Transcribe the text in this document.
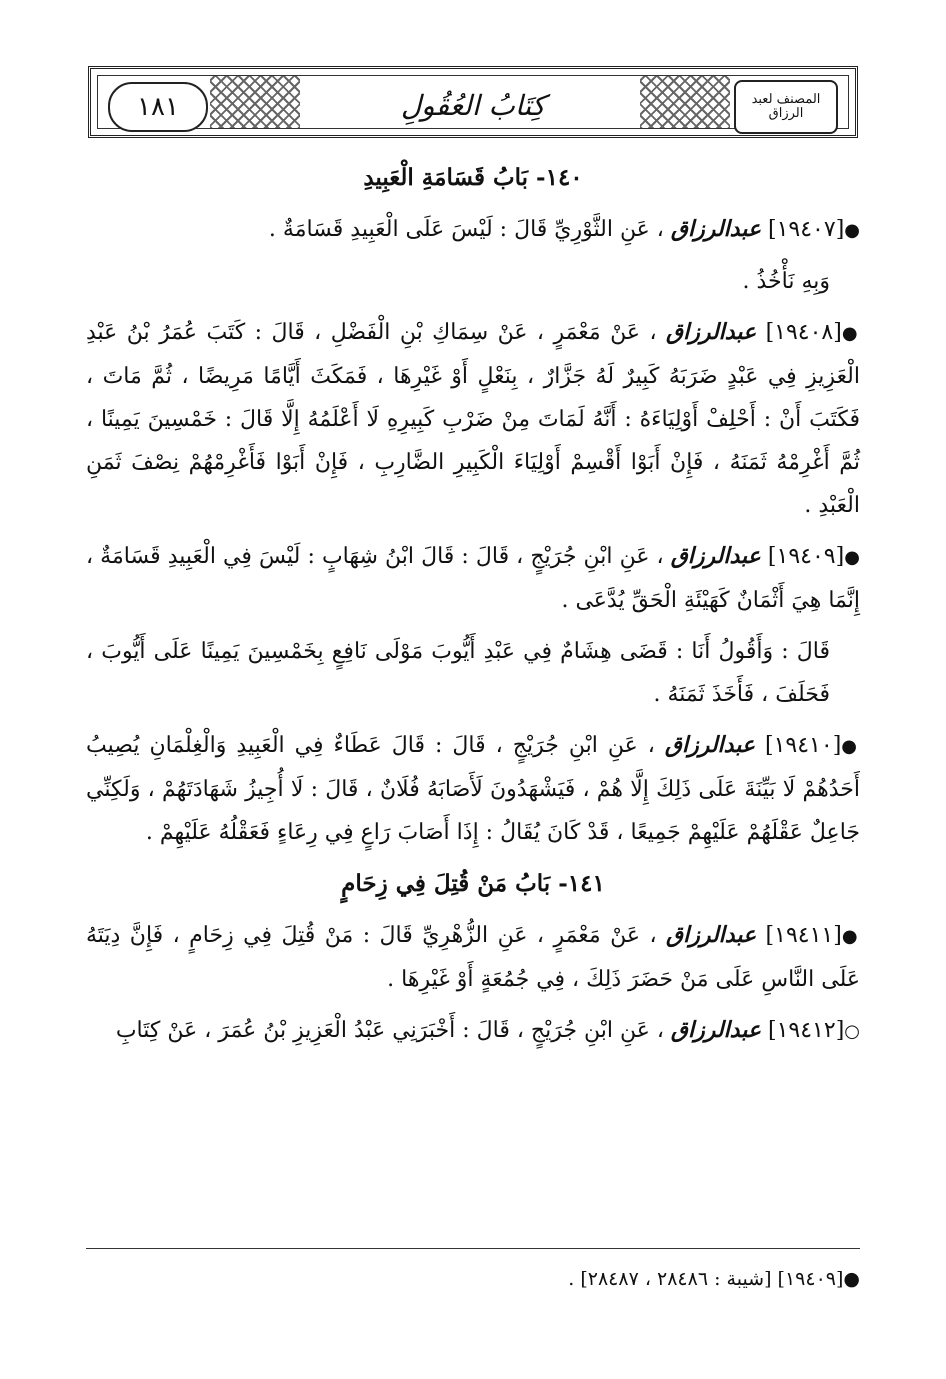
١٨١	كِتَابُ العُقُولِ	المصنف لعبد الرزاق
١٤٠- بَابُ قَسَامَةِ الْعَبِيدِ

●[١٩٤٠٧] عبدالرزاق ، عَنِ الثَّوْرِيِّ قَالَ : لَيْسَ عَلَى الْعَبِيدِ قَسَامَةٌ .

وَبِهِ نَأْخُذُ .

●[١٩٤٠٨] عبدالرزاق ، عَنْ مَعْمَرٍ ، عَنْ سِمَاكِ بْنِ الْفَضْلِ ، قَالَ : كَتَبَ عُمَرُ بْنُ عَبْدِ الْعَزِيزِ فِي عَبْدٍ ضَرَبَهُ كَبِيرٌ لَهُ جَزَّارٌ ، بِنَعْلٍ أَوْ غَيْرِهَا ، فَمَكَثَ أَيَّامًا مَرِيضًا ، ثُمَّ مَاتَ ، فَكَتَبَ أَنْ : أَحْلِفْ أَوْلِيَاءَهُ : أَنَّهُ لَمَاتَ مِنْ ضَرْبِ كَبِيرِهِ لَا أَعْلَمُهُ إِلَّا قَالَ : خَمْسِينَ يَمِينًا ، ثُمَّ أَغْرِمْهُ ثَمَنَهُ ، فَإِنْ أَبَوْا أَقْسِمْ أَوْلِيَاءَ الْكَبِيرِ الضَّارِبِ ، فَإِنْ أَبَوْا فَأَغْرِمْهُمْ نِصْفَ ثَمَنِ الْعَبْدِ .

●[١٩٤٠٩] عبدالرزاق ، عَنِ ابْنِ جُرَيْجٍ ، قَالَ : قَالَ ابْنُ شِهَابٍ : لَيْسَ فِي الْعَبِيدِ قَسَامَةٌ ، إِنَّمَا هِيَ أَثْمَانٌ كَهَيْئَةِ الْحَقِّ يُدَّعَى .

قَالَ : وَأَقُولُ أَنَا : قَضَى هِشَامٌ فِي عَبْدِ أَيُّوبَ مَوْلَى نَافِعٍ بِخَمْسِينَ يَمِينًا عَلَى أَيُّوبَ ، فَحَلَفَ ، فَأَخَذَ ثَمَنَهُ .

●[١٩٤١٠] عبدالرزاق ، عَنِ ابْنِ جُرَيْجٍ ، قَالَ : قَالَ عَطَاءٌ فِي الْعَبِيدِ وَالْغِلْمَانِ يُصِيبُ أَحَدُهُمْ لَا بَيِّنَةَ عَلَى ذَلِكَ إِلَّا هُمْ ، فَيَشْهَدُونَ لَأَصَابَهُ فُلَانٌ ، قَالَ : لَا أُجِيزُ شَهَادَتَهُمْ ، وَلَكِنِّي جَاعِلٌ عَقْلَهُمْ عَلَيْهِمْ جَمِيعًا ، قَدْ كَانَ يُقَالُ : إِذَا أَصَابَ رَاعٍ فِي رِعَاءٍ فَعَقْلُهُ عَلَيْهِمْ .

١٤١- بَابُ مَنْ قُتِلَ فِي زِحَامٍ

●[١٩٤١١] عبدالرزاق ، عَنْ مَعْمَرٍ ، عَنِ الزُّهْرِيِّ قَالَ : مَنْ قُتِلَ فِي زِحَامٍ ، فَإِنَّ دِيَتَهُ عَلَى النَّاسِ عَلَى مَنْ حَضَرَ ذَلِكَ ، فِي جُمُعَةٍ أَوْ غَيْرِهَا .

○[١٩٤١٢] عبدالرزاق ، عَنِ ابْنِ جُرَيْجٍ ، قَالَ : أَخْبَرَنِي عَبْدُ الْعَزِيزِ بْنُ عُمَرَ ، عَنْ كِتَابِ

●[١٩٤٠٩] [شيبة : ٢٨٤٨٦ ، ٢٨٤٨٧] .
